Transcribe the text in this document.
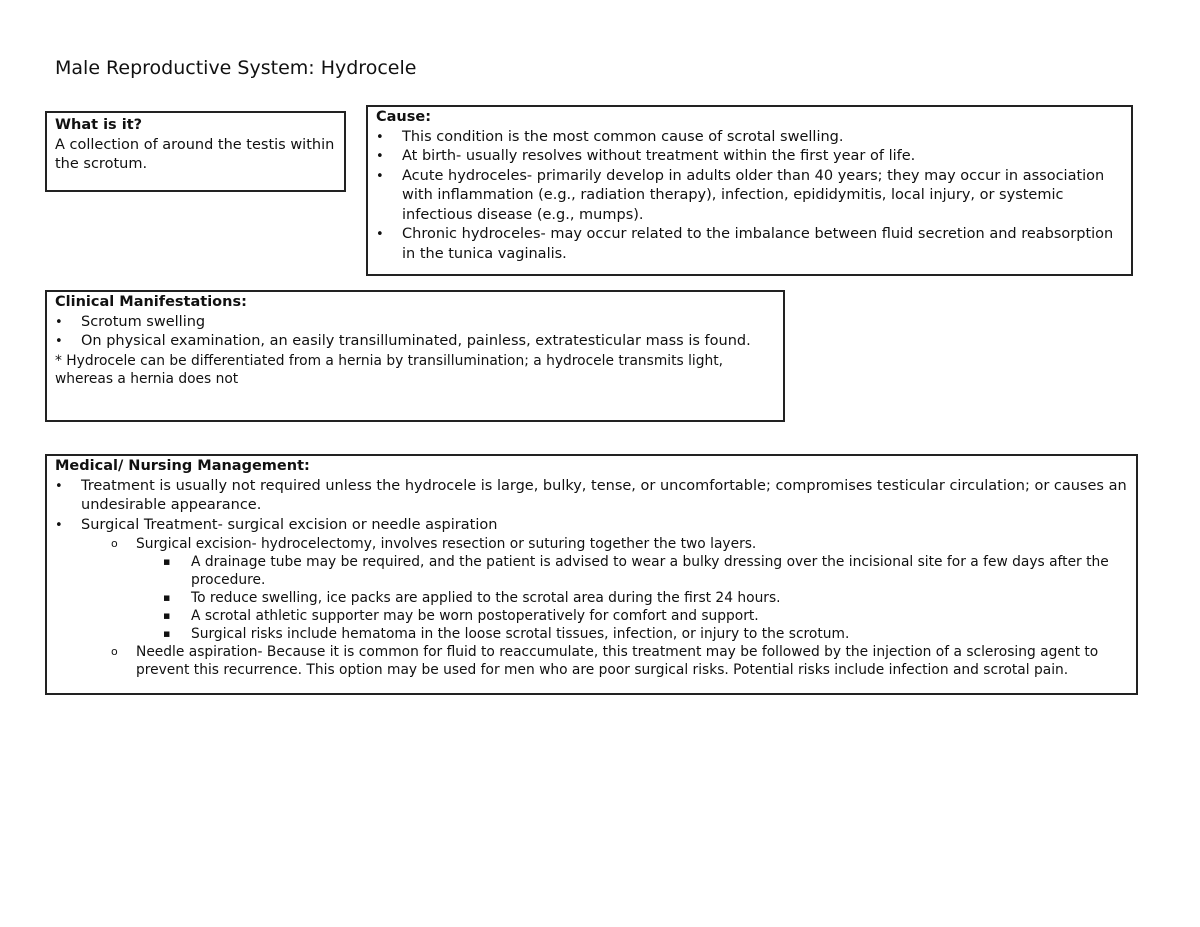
Male Reproductive System: Hydrocele

What is it?

A collection of around the testis within the scrotum.

Cause:

• This condition is the most common cause of scrotal swelling.
• At birth- usually resolves without treatment within the first year of life.
• Acute hydroceles- primarily develop in adults older than 40 years; they may occur in association with inflammation (e.g., radiation therapy), infection, epididymitis, local injury, or systemic infectious disease (e.g., mumps).
• Chronic hydroceles- may occur related to the imbalance between fluid secretion and reabsorption in the tunica vaginalis.

Clinical Manifestations:

• Scrotum swelling
• On physical examination, an easily transilluminated, painless, extratesticular mass is found.

* Hydrocele can be differentiated from a hernia by transillumination; a hydrocele transmits light, whereas a hernia does not

Medical/ Nursing Management:

• Treatment is usually not required unless the hydrocele is large, bulky, tense, or uncomfortable; compromises testicular circulation; or causes an undesirable appearance.
• Surgical Treatment- surgical excision or needle aspiration
o Surgical excision- hydrocelectomy, involves resection or suturing together the two layers.
▪ A drainage tube may be required, and the patient is advised to wear a bulky dressing over the incisional site for a few days after the procedure.
▪ To reduce swelling, ice packs are applied to the scrotal area during the first 24 hours.
▪ A scrotal athletic supporter may be worn postoperatively for comfort and support.
▪ Surgical risks include hematoma in the loose scrotal tissues, infection, or injury to the scrotum.
o Needle aspiration- Because it is common for fluid to reaccumulate, this treatment may be followed by the injection of a sclerosing agent to prevent this recurrence. This option may be used for men who are poor surgical risks. Potential risks include infection and scrotal pain.
